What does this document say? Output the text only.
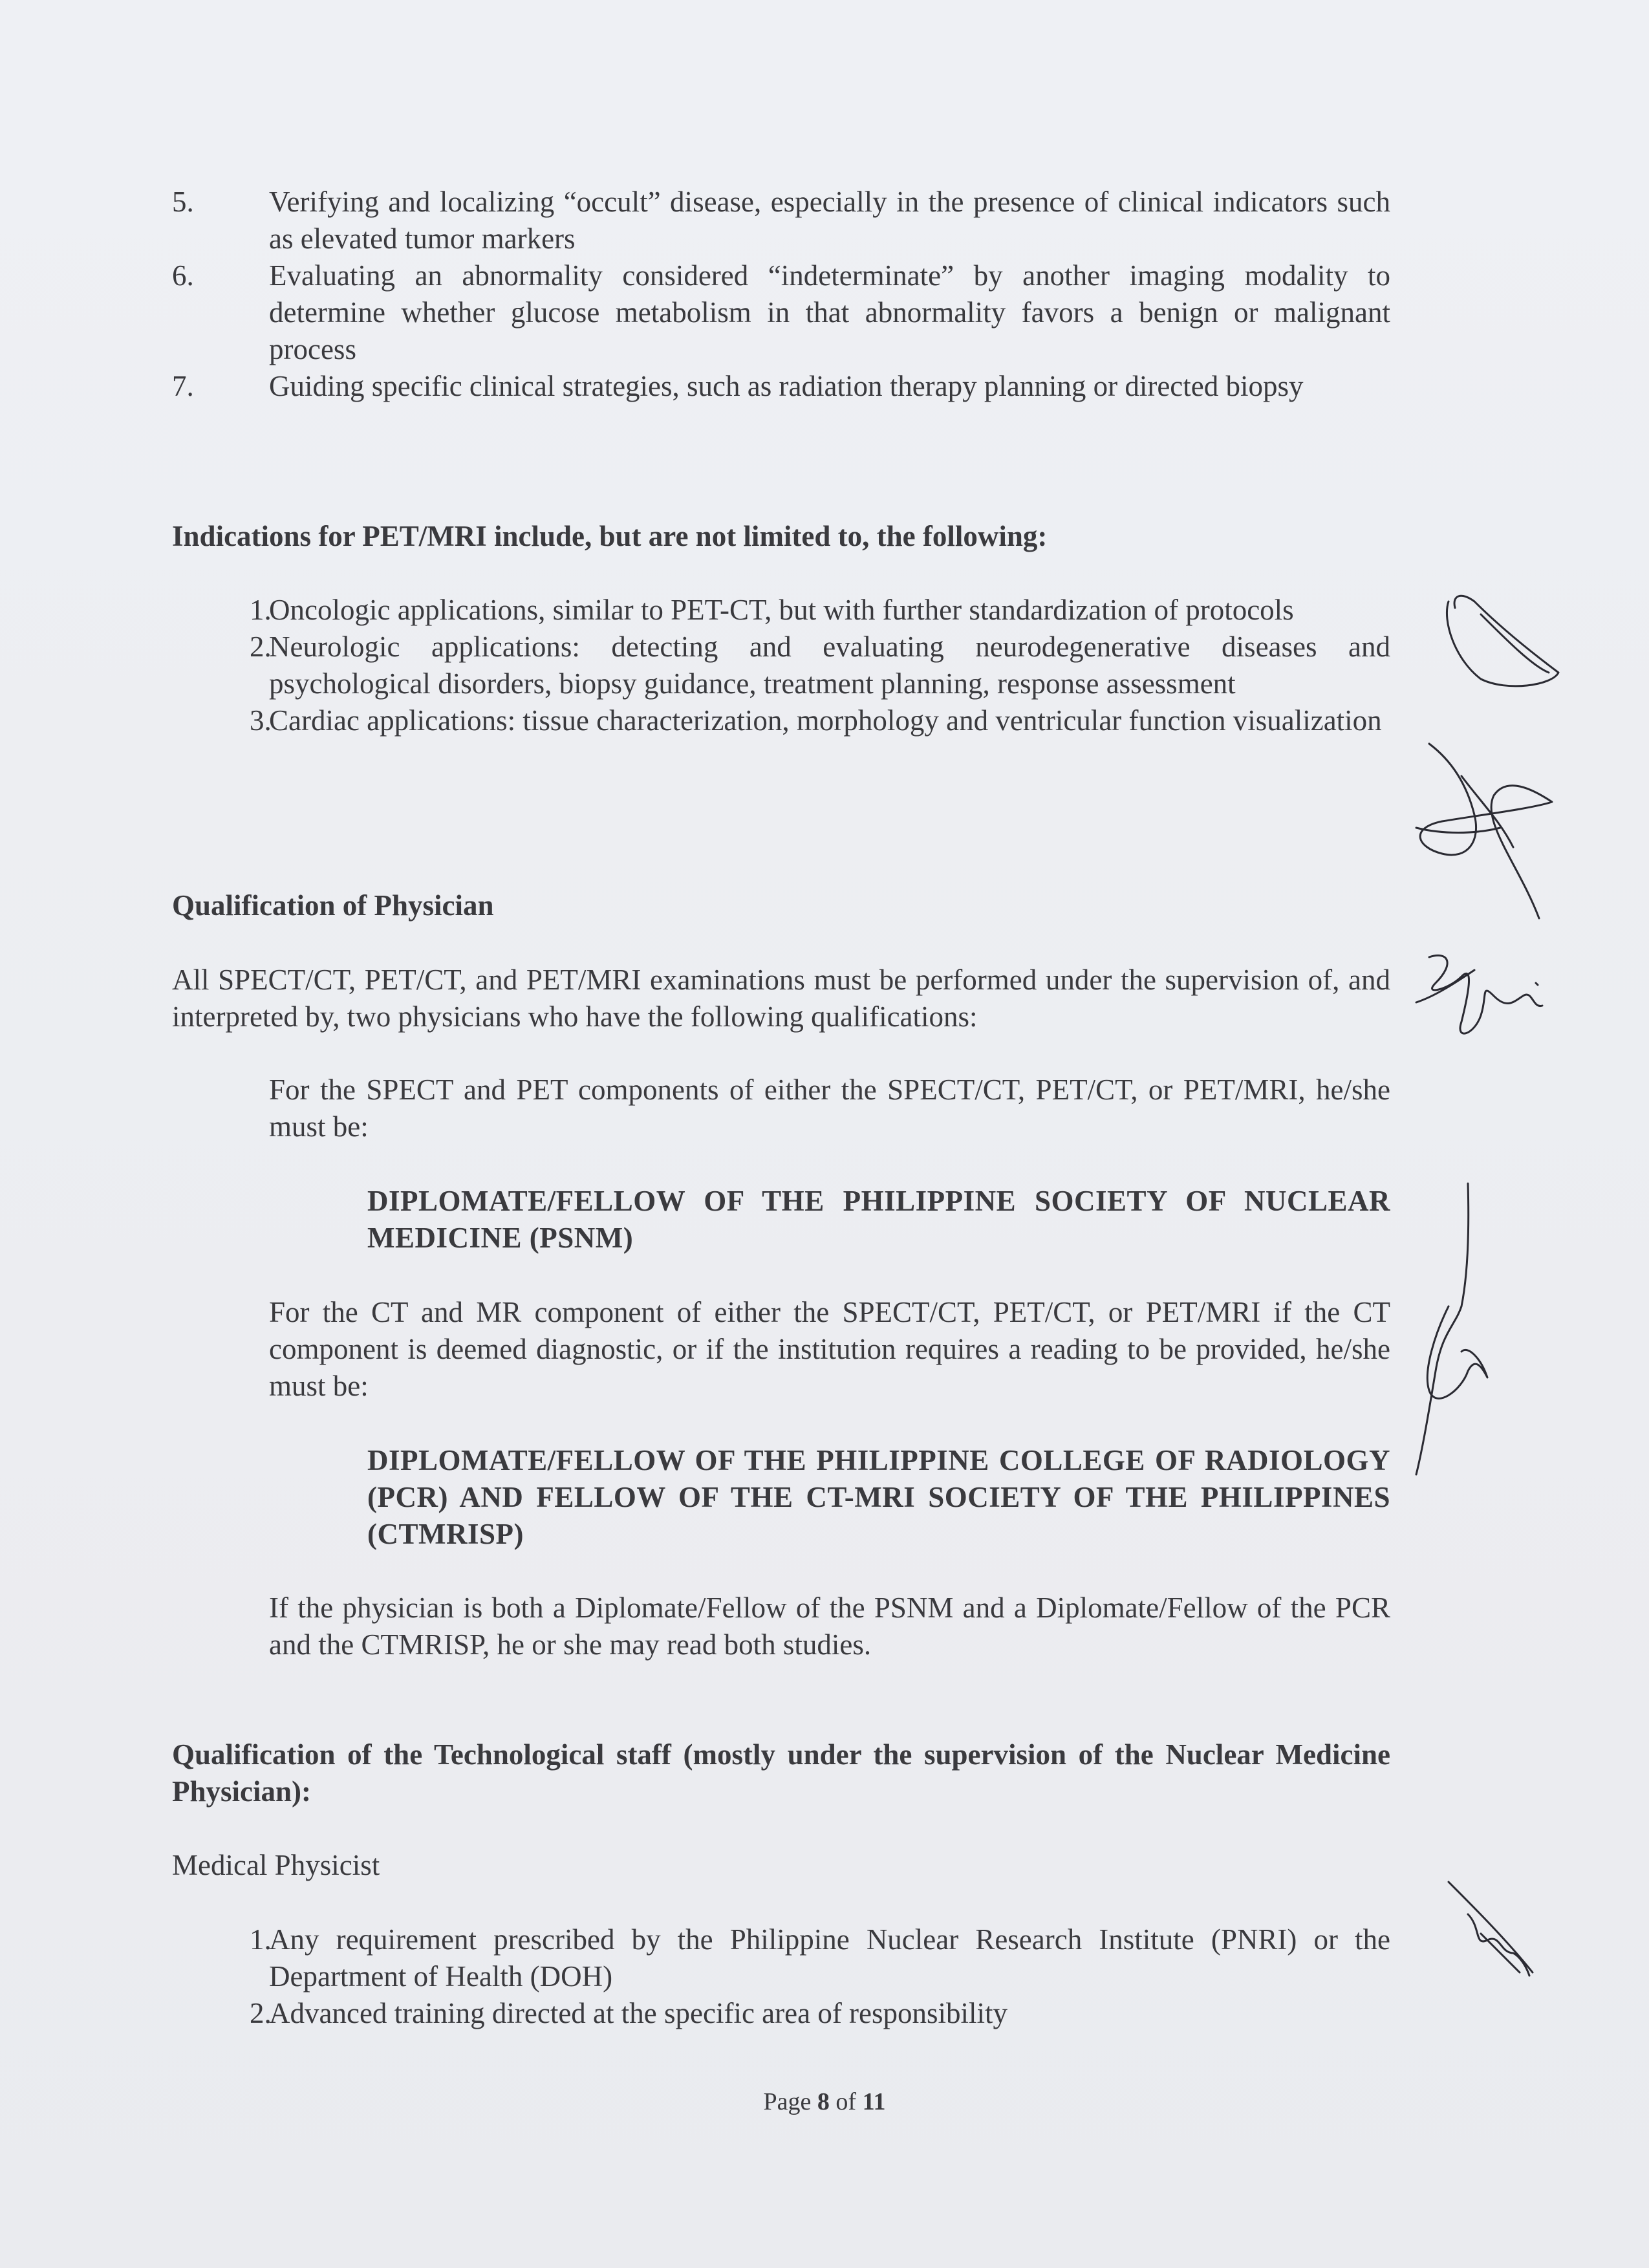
5.	Verifying and localizing “occult” disease, especially in the presence of clinical indicators such as elevated tumor markers
6.	Evaluating an abnormality considered “indeterminate” by another imaging modality to determine whether glucose metabolism in that abnormality favors a benign or malignant process
7.	Guiding specific clinical strategies, such as radiation therapy planning or directed biopsy
Indications for PET/MRI include, but are not limited to, the following:
1.
Oncologic applications, similar to PET-CT, but with further standardization of protocols
2.
Neurologic applications: detecting and evaluating neurodegenerative diseases and psychological disorders, biopsy guidance, treatment planning, response assessment
3.
Cardiac applications: tissue characterization, morphology and ventricular function visualization
Qualification of Physician
All SPECT/CT, PET/CT, and PET/MRI examinations must be performed under the supervision of, and interpreted by, two physicians who have the following qualifications:
For the SPECT and PET components of either the SPECT/CT, PET/CT, or PET/MRI, he/she must be:
DIPLOMATE/FELLOW OF THE PHILIPPINE SOCIETY OF NUCLEAR MEDICINE (PSNM)
For the CT and MR component of either the SPECT/CT, PET/CT, or PET/MRI if the CT component is deemed diagnostic, or if the institution requires a reading to be provided, he/she must be:
DIPLOMATE/FELLOW OF THE PHILIPPINE COLLEGE OF RADIOLOGY (PCR) AND FELLOW OF THE CT-MRI SOCIETY OF THE PHILIPPINES (CTMRISP)
If the physician is both a Diplomate/Fellow of the PSNM and a Diplomate/Fellow of the PCR and the CTMRISP, he or she may read both studies.
Qualification of the Technological staff (mostly under the supervision of the Nuclear Medicine Physician):
Medical Physicist
1.
Any requirement prescribed by the Philippine Nuclear Research Institute (PNRI) or the Department of Health (DOH)
2.
Advanced training directed at the specific area of responsibility
Page 8 of 11
